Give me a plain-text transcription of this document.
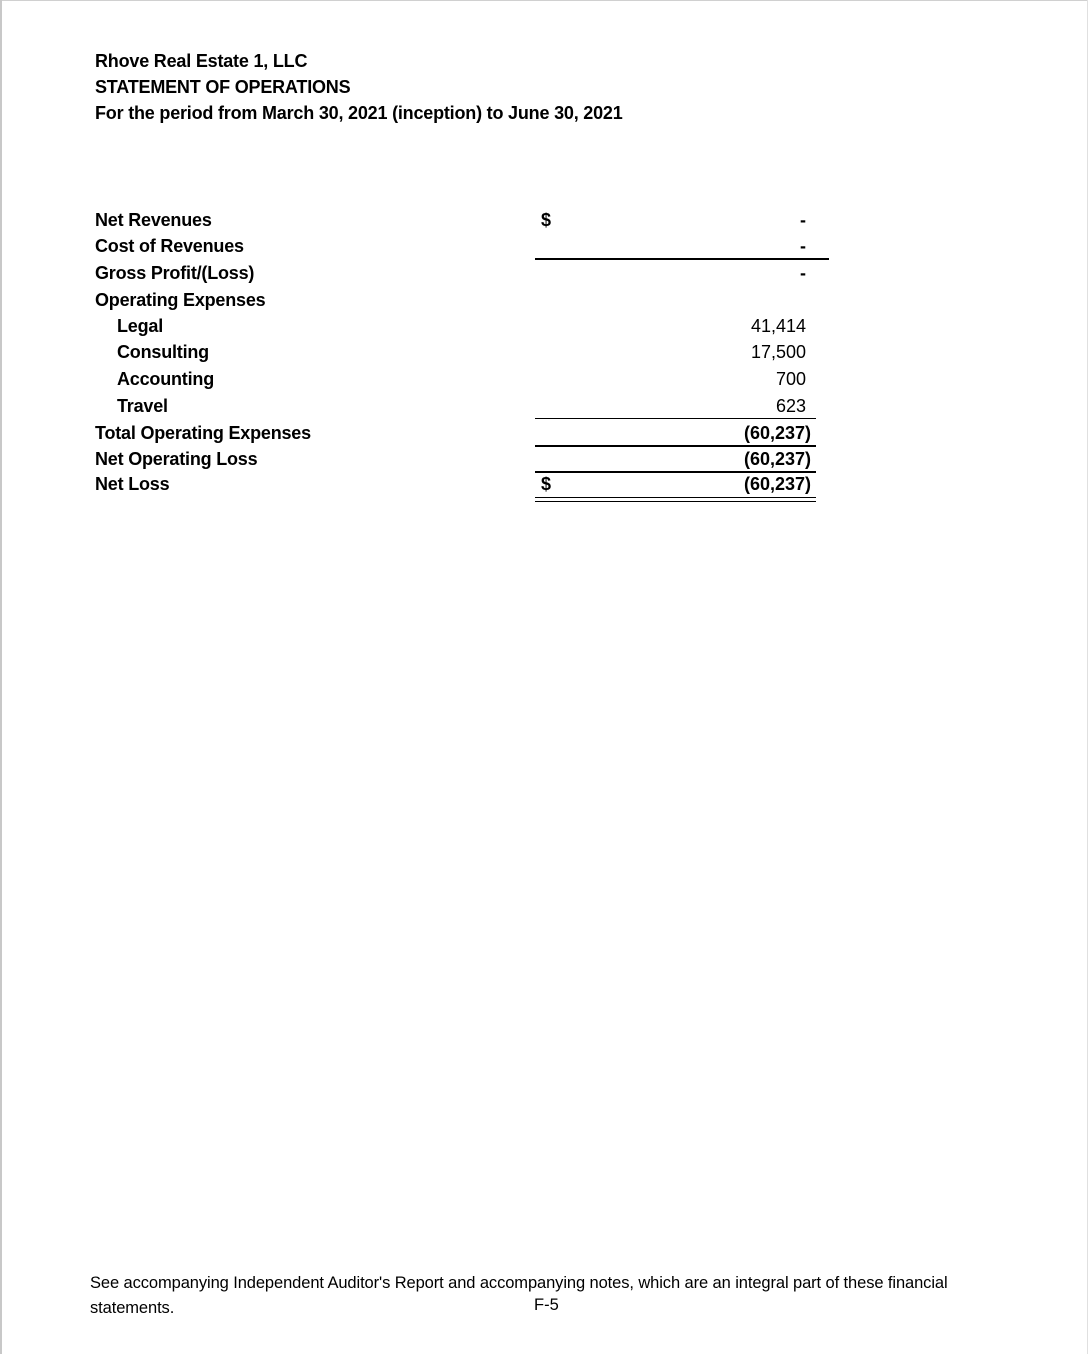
Rhove Real Estate 1, LLC
STATEMENT OF OPERATIONS
For the period from March 30, 2021 (inception) to June 30, 2021
Net Revenues	$	-
Cost of Revenues	-
Gross Profit/(Loss)	-
Operating Expenses
Legal	41,414
Consulting	17,500
Accounting	700
Travel	623
Total Operating Expenses	(60,237)
Net Operating Loss	(60,237)
Net Loss	$	(60,237)
See accompanying Independent Auditor's Report and accompanying notes, which are an integral part of these financial statements.	F-5
